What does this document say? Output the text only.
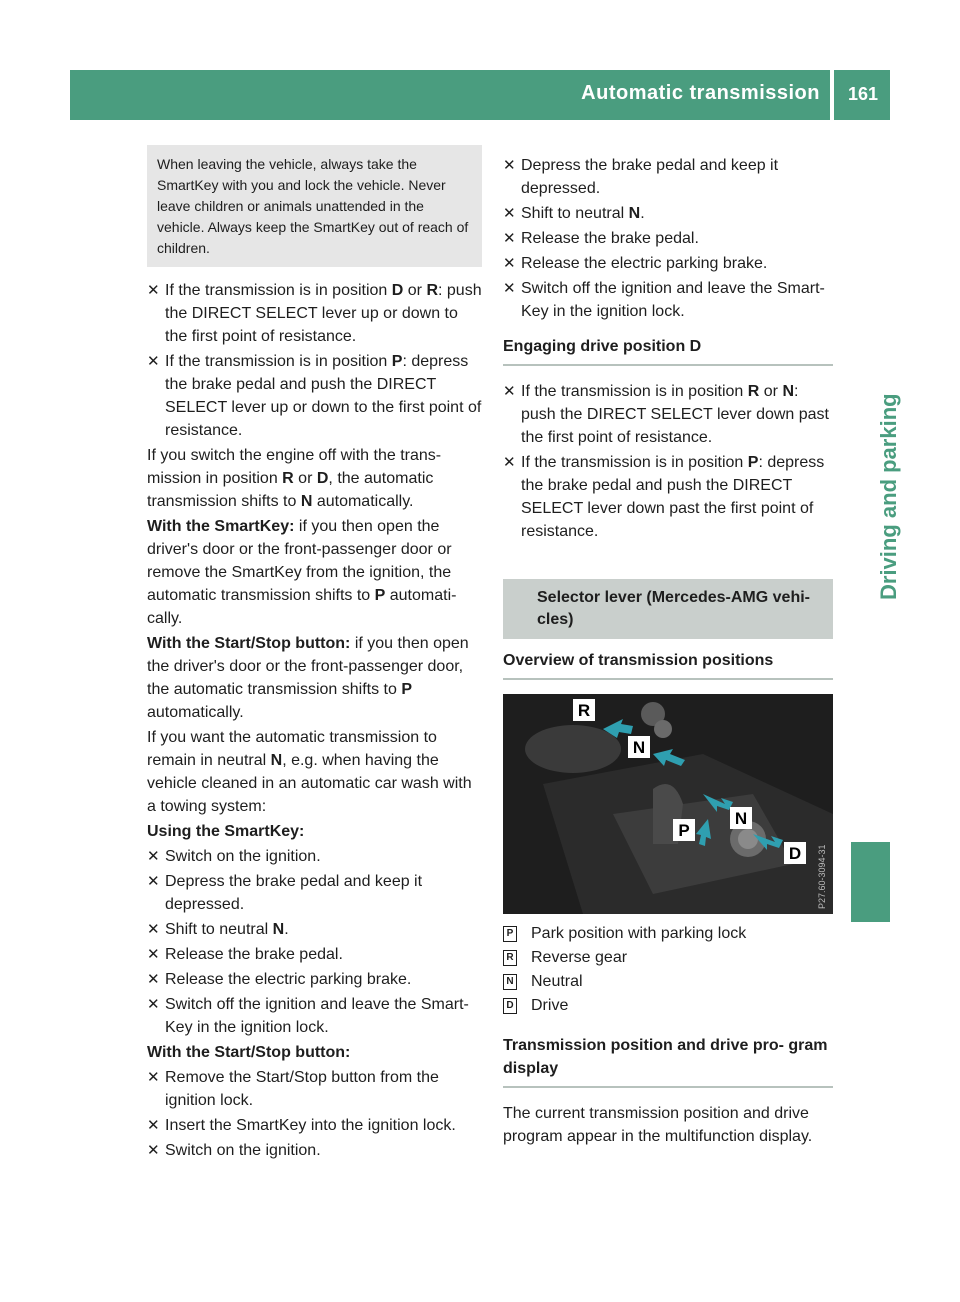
Automatic transmission 161
Driving and parking
When leaving the vehicle, always take the SmartKey with you and lock the vehicle. Never leave children or animals unattended in the vehicle. Always keep the SmartKey out of reach of children.
✕ If the transmission is in position D or R: push the DIRECT SELECT lever up or down to the first point of resistance.
✕ If the transmission is in position P: depress the brake pedal and push the DIRECT SELECT lever up or down to the first point of resistance.

If you switch the engine off with the trans- mission in position R or D, the automatic transmission shifts to N automatically.

With the SmartKey: if you then open the driver's door or the front-passenger door or remove the SmartKey from the ignition, the automatic transmission shifts to P automati- cally.

With the Start/Stop button: if you then open the driver's door or the front-passenger door, the automatic transmission shifts to P automatically.

If you want the automatic transmission to remain in neutral N, e.g. when having the vehicle cleaned in an automatic car wash with a towing system:

Using the SmartKey:

✕ Switch on the ignition.
✕ Depress the brake pedal and keep it depressed.
✕ Shift to neutral N.
✕ Release the brake pedal.
✕ Release the electric parking brake.
✕ Switch off the ignition and leave the Smart- Key in the ignition lock.

With the Start/Stop button:

✕ Remove the Start/Stop button from the ignition lock.
✕ Insert the SmartKey into the ignition lock.
✕ Switch on the ignition.
✕ Depress the brake pedal and keep it depressed.
✕ Shift to neutral N.
✕ Release the brake pedal.
✕ Release the electric parking brake.
✕ Switch off the ignition and leave the Smart- Key in the ignition lock.
Engaging drive position D
✕ If the transmission is in position R or N: push the DIRECT SELECT lever down past the first point of resistance.
✕ If the transmission is in position P: depress the brake pedal and push the DIRECT SELECT lever down past the first point of resistance.
Selector lever (Mercedes-AMG vehi- cles)
Overview of transmission positions
R
N
N
P
D P27.60-3094-31
P Park position with parking lock
R Reverse gear
N Neutral
D Drive
Transmission position and drive pro- gram display

The current transmission position and drive program appear in the multifunction display.
